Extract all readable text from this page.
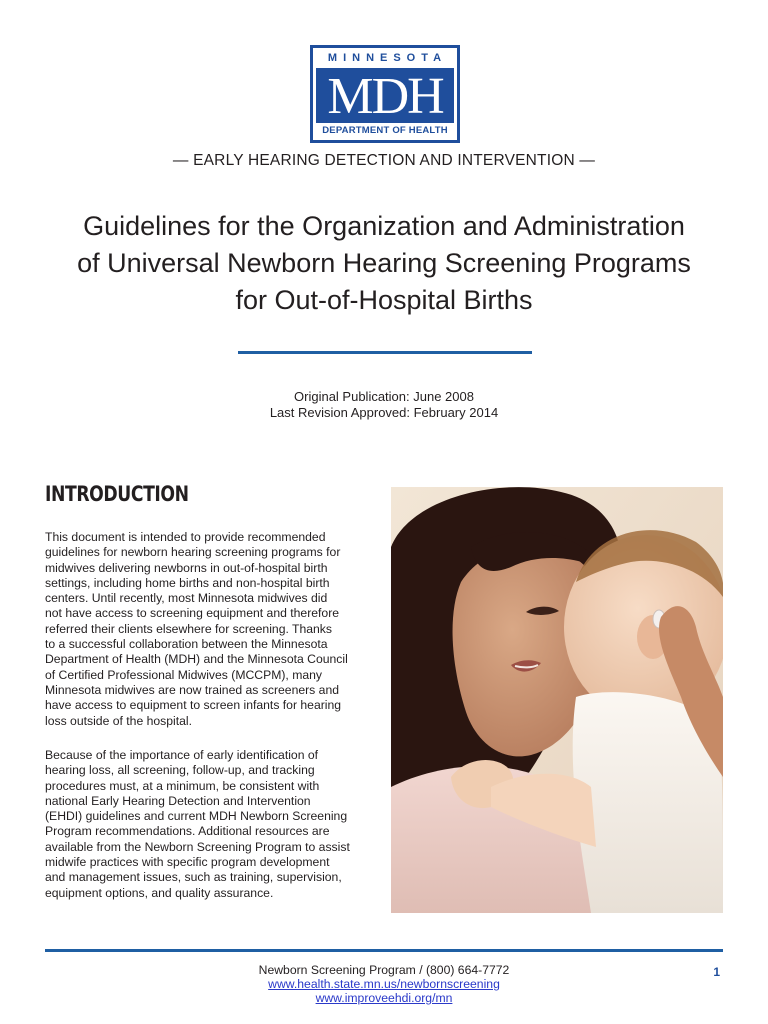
MINNESOTA
MDH
DEPARTMENT OF HEALTH
— EARLY HEARING DETECTION AND INTERVENTION —
Guidelines for the Organization and Administration
of Universal Newborn Hearing Screening Programs
for Out-of-Hospital Births
Original Publication: June 2008
Last Revision Approved: February 2014
INTRODUCTION
This document is intended to provide recommended
guidelines for newborn hearing screening programs for
midwives delivering newborns in out-of-hospital birth
settings, including home births and non-hospital birth
centers. Until recently, most Minnesota midwives did
not have access to screening equipment and therefore
referred their clients elsewhere for screening. Thanks
to a successful collaboration between the Minnesota
Department of Health (MDH) and the Minnesota Council
of Certified Professional Midwives (MCCPM), many
Minnesota midwives are now trained as screeners and
have access to equipment to screen infants for hearing
loss outside of the hospital.
Because of the importance of early identification of
hearing loss, all screening, follow-up, and tracking
procedures must, at a minimum, be consistent with
national Early Hearing Detection and Intervention
(EHDI) guidelines and current MDH Newborn Screening
Program recommendations. Additional resources are
available from the Newborn Screening Program to assist
midwife practices with specific program development
and management issues, such as training, supervision,
equipment options, and quality assurance.
Newborn Screening Program / (800) 664-7772
www.health.state.mn.us/newbornscreening
www.improveehdi.org/mn
1
